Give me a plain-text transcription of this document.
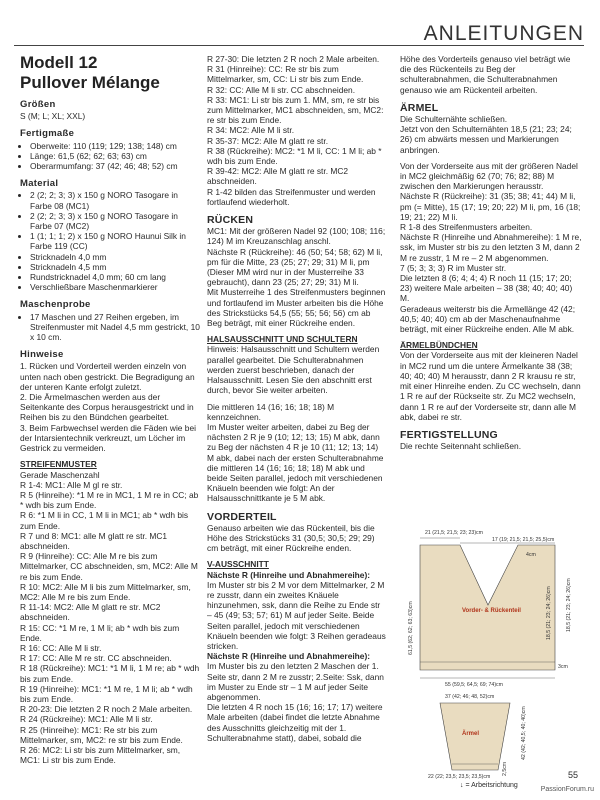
ANLEITUNGEN
Modell 12
Pullover Mélange
Größen
S (M; L; XL; XXL)
Fertigmaße
• Oberweite: 110 (119; 129; 138; 148) cm
• Länge: 61,5 (62; 62; 63; 63) cm
• Oberarmumfang: 37 (42; 46; 48; 52) cm
Material
• 2 (2; 2; 3; 3) x 150 g NORO Tasogare in Farbe 08 (MC1)
• 2 (2; 2; 3; 3) x 150 g NORO Tasogare in Farbe 07 (MC2)
• 1 (1; 1; 1; 2) x 150 g NORO Haunui Silk in Farbe 119 (CC)
• Stricknadeln 4,0 mm
• Stricknadeln 4,5 mm
• Rundstricknadel 4,0 mm; 60 cm lang
• Verschließbare Maschenmarkierer
Maschenprobe
• 17 Maschen und 27 Reihen ergeben, im Streifenmuster mit Nadel 4,5 mm gestrickt, 10 x 10 cm.
Hinweise
1. Rücken und Vorderteil werden einzeln von unten nach oben gestrickt. Die Begradigung an der unteren Kante erfolgt zuletzt.
2. Die Ärmelmaschen werden aus der Seitenkante des Corpus herausgestrickt und in Reihen bis zu den Bündchen gearbeitet.
3. Beim Farbwechsel werden die Fäden wie bei der Intarsientechnik verkreuzt, um Löcher im Gestrick zu vermeiden.
STREIFENMUSTER
Gerade Maschenzahl
R 1-4: MC1: Alle M gl re str.
R 5 (Hinreihe): *1 M re in MC1, 1 M re in CC; ab * wdh bis zum Ende.
R 6: *1 M li in CC, 1 M li in MC1; ab * wdh bis zum Ende.
R 7 und 8: MC1: alle M glatt re str. MC1 abschneiden.
R 9 (Hinreihe): CC: Alle M re bis zum Mittelmarker, CC abschneiden, sm, MC2: Alle M re bis zum Ende.
R 10: MC2: Alle M li bis zum Mittelmarker, sm, MC2: Alle M re bis zum Ende.
R 11-14: MC2: Alle M glatt re str. MC2 abschneiden.
R 15: CC: *1 M re, 1 M li; ab * wdh bis zum Ende.
R 16: CC: Alle M li str.
R 17: CC: Alle M re str. CC abschneiden.
R 18 (Rückreihe): MC1: *1 M li, 1 M re; ab * wdh bis zum Ende.
R 19 (Hinreihe): MC1: *1 M re, 1 M li; ab * wdh bis zum Ende.
R 20-23: Die letzten 2 R noch 2 Male arbeiten.
R 24 (Rückreihe): MC1: Alle M li str.
R 25 (Hinreihe): MC1: Re str bis zum Mittelmarker, sm, MC2: re str bis zum Ende.
R 26: MC2: Li str bis zum Mittelmarker, sm, MC1: Li str bis zum Ende.
R 27-30: Die letzten 2 R noch 2 Male arbeiten.
R 31 (Hinreihe): CC: Re str bis zum Mittelmarker, sm, CC: Li str bis zum Ende.
R 32: CC: Alle M li str. CC abschneiden.
R 33: MC1: Li str bis zum 1. MM, sm, re str bis zum Mittelmarker, MC1 abschneiden, sm, MC2: re str bis zum Ende.
R 34: MC2: Alle M li str.
R 35-37: MC2: Alle M glatt re str.
R 38 (Rückreihe): MC2: *1 M li, CC: 1 M li; ab * wdh bis zum Ende.
R 39-42: MC2: Alle M glatt re str. MC2 abschneiden.
R 1-42 bilden das Streifenmuster und werden fortlaufend wiederholt.
RÜCKEN
MC1: Mit der größeren Nadel 92 (100; 108; 116; 124) M im Kreuzanschlag anschl.
Nächste R (Rückreihe): 46 (50; 54; 58; 62) M li, pm für die Mitte, 23 (25; 27; 29; 31) M li, pm (Dieser MM wird nur in der Musterreihe 33 gebraucht), dann 23 (25; 27; 29; 31) M li.
Mit Musterreihe 1 des Streifenmusters beginnen und fortlaufend im Muster arbeiten bis die Höhe des Strickstücks 54,5 (55; 55; 56; 56) cm ab Beg beträgt, mit einer Rückreihe enden.
HALSAUSSCHNITT UND SCHULTERN
Hinweis: Halsausschnitt und Schultern werden parallel gearbeitet. Die Schulterabnahmen werden zuerst beschrieben, danach der Halsausschnitt. Lesen Sie den abschnitt erst durch, bevor Sie weiter arbeiten.
Die mittleren 14 (16; 16; 18; 18) M kennzeichnen.
Im Muster weiter arbeiten, dabei zu Beg der nächsten 2 R je 9 (10; 12; 13; 15) M abk, dann zu Beg der nächsten 4 R je 10 (11; 12; 13; 14) M abk, dabei nach der ersten Schulterabnahme die mittleren 14 (16; 16; 18; 18) M abk und beide Seiten parallel, jedoch mit verschiedenen Knäueln beenden wie folgt: An der Halsausschnittkante je 5 M abk.
VORDERTEIL
Genauso arbeiten wie das Rückenteil, bis die Höhe des Strickstücks 31 (30,5; 30,5; 29; 29) cm beträgt, mit einer Rückreihe enden.
V-AUSSCHNITT
Nächste R (Hinreihe und Abnahmereihe):
Im Muster str bis 2 M vor dem Mittelmarker, 2 M re zusstr, dann ein zweites Knäuele hinzunehmen, ssk, dann die Reihe zu Ende str – 45 (49; 53; 57; 61) M auf jeder Seite. Beide Seiten parallel, jedoch mit verschiedenen Knäueln beenden wie folgt: 3 Reihen geradeaus stricken.
Nächste R (Hinreihe und Abnahmereihe):
Im Muster bis zu den letzten 2 Maschen der 1. Seite str, dann 2 M re zusstr; 2.Seite: Ssk, dann im Muster zu Ende str – 1 M auf jeder Seite abgenommen.
Die letzten 4 R noch 15 (16; 16; 17; 17) weitere Male arbeiten (dabei findet die letzte Abnahme des Ausschnitts gleichzeitig mit der 1. Schulterabnahme statt), dabei, sobald die
Höhe des Vorderteils genauso viel beträgt wie die des Rückenteils zu Beg der schulterabnahmen, die Schulterabnahmen genauso wie am Rückenteil arbeiten.
ÄRMEL
Die Schulternähte schließen.
Jetzt von den Schulternähten 18,5 (21; 23; 24; 26) cm abwärts messen und Markierungen anbringen.
Von der Vorderseite aus mit der größeren Nadel in MC2 gleichmäßig 62 (70; 76; 82; 88) M zwischen den Markierungen herausstr.
Nächste R (Rückreihe): 31 (35; 38; 41; 44) M li, pm (= Mitte), 15 (17; 19; 20; 22) M li, pm, 16 (18; 19; 21; 22) M li.
R 1-8 des Streifenmusters arbeiten.
Nächste R (Hinreihe und Abnahmereihe): 1 M re, ssk, im Muster str bis zu den letzten 3 M, dann 2 M re zusstr, 1 M re – 2 M abgenommen.
7 (5; 3; 3; 3) R im Muster str.
Die letzten 8 (6; 4; 4; 4) R noch 11 (15; 17; 20; 23) weitere Male arbeiten – 38 (38; 40; 40; 40) M.
Geradeaus weiterstr bis die Ärmellänge 42 (42; 40,5; 40; 40) cm ab der Maschenaufnahme beträgt, mit einer Rückreihe enden. Alle M abk.
ÄRMELBÜNDCHEN
Von der Vorderseite aus mit der kleineren Nadel in MC2 rund um die untere Ärmelkante 38 (38; 40; 40; 40) M herausstr, dann 2 R krausu re str, mit einer Hinreihe enden. Zu CC wechseln, dann 1 R re auf der Rückseite str. Zu MC2 wechseln, dann 1 R re auf der Vorderseite str, dann alle M abk, dabei re str.
FERTIGSTELLUNG
Die rechte Seitennaht schließen.
21 (21,5; 21,5; 23; 23)cm
17 (19; 21,5; 21,5; 25,5)cm
4cm
61,5 (62; 62; 63; 63)cm	18,5 (21; 23; 24; 26)cm	18,5 (21; 23; 24; 26)cm
Vorder- & Rückenteil
3cm
55 (59,5; 64,5; 69; 74)cm
37 (42; 46; 48, 52)cm
Ärmel	42 (42; 40,5; 40; 40)cm
2,5cm
22 (22; 23,5; 23,5; 23,5)cm
↓ = Arbeitsrichtung
55
PassionForum.ru
